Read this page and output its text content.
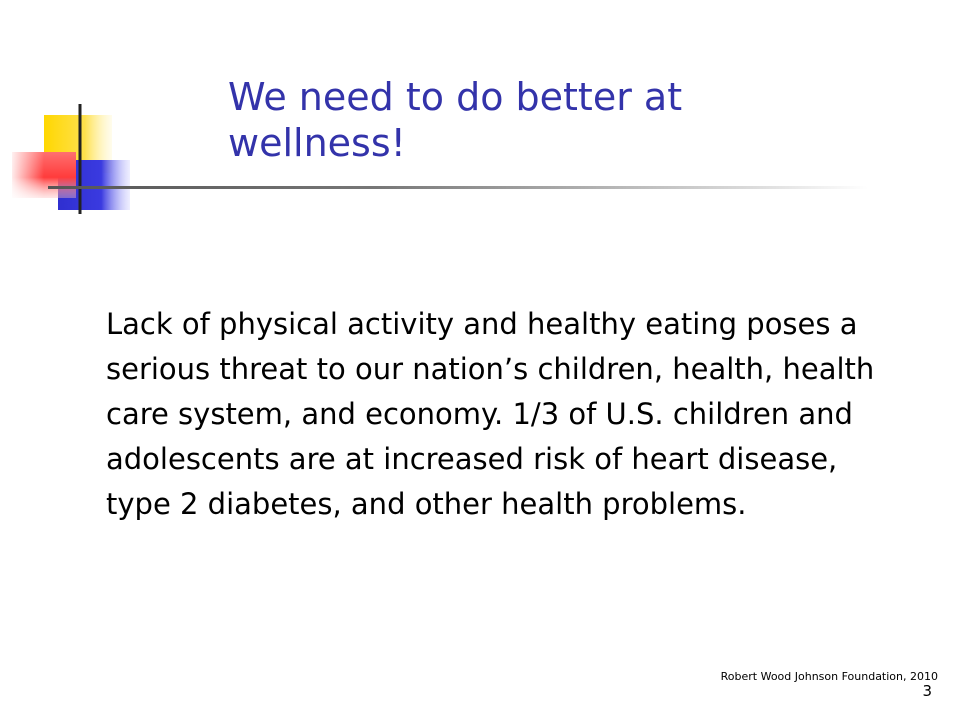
We need to do better at
wellness!

Lack of physical activity and healthy eating poses a serious threat to our nation’s children, health, health care system, and economy. 1/3 of U.S. children and adolescents are at increased risk of heart disease, type 2 diabetes, and other health problems.

Robert Wood Johnson Foundation, 2010
3
